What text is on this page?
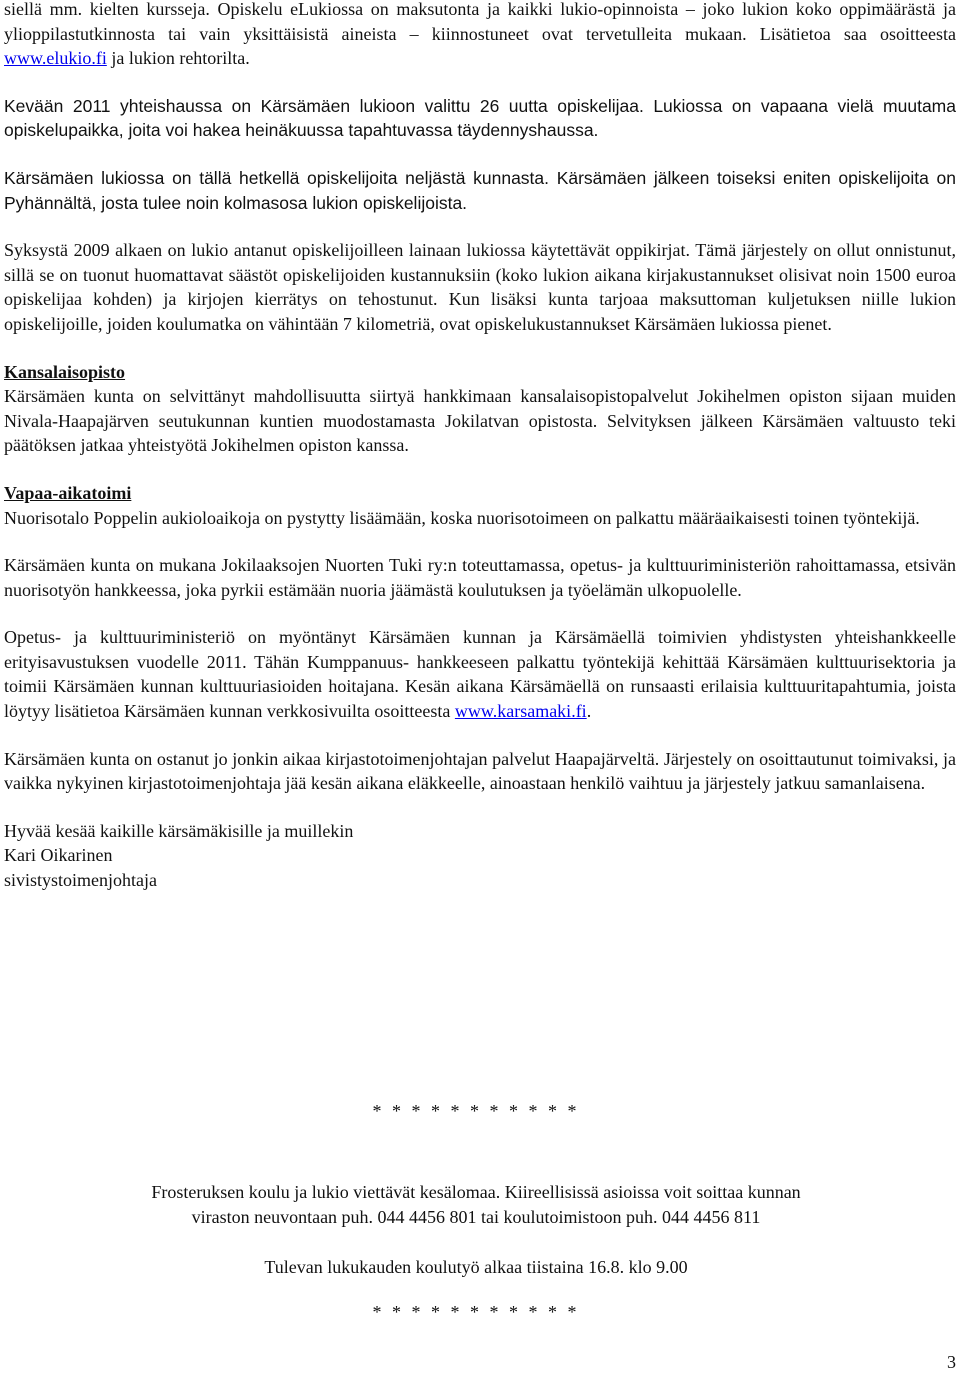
siellä mm. kielten kursseja. Opiskelu eLukiossa on maksutonta ja kaikki lukio-opinnoista – joko lukion koko oppimäärästä ja ylioppilastutkinnosta tai vain yksittäisistä aineista – kiinnostuneet ovat tervetulleita mukaan. Lisätietoa saa osoitteesta www.elukio.fi ja lukion rehtorilta.

Kevään 2011 yhteishaussa on Kärsämäen lukioon valittu 26 uutta opiskelijaa. Lukiossa on vapaana vielä muutama opiskelupaikka, joita voi hakea heinäkuussa tapahtuvassa täydennyshaussa.

Kärsämäen lukiossa on tällä hetkellä opiskelijoita neljästä kunnasta. Kärsämäen jälkeen toiseksi eniten opiskelijoita on Pyhännältä, josta tulee noin kolmasosa lukion opiskelijoista.

Syksystä 2009 alkaen on lukio antanut opiskelijoilleen lainaan lukiossa käytettävät oppikirjat. Tämä järjestely on ollut onnistunut, sillä se on tuonut huomattavat säästöt opiskelijoiden kustannuksiin (koko lukion aikana kirjakustannukset olisivat noin 1500 euroa opiskelijaa kohden) ja kirjojen kierrätys on tehostunut. Kun lisäksi kunta tarjoaa maksuttoman kuljetuksen niille lukion opiskelijoille, joiden koulumatka on vähintään 7 kilometriä, ovat opiskelukustannukset Kärsämäen lukiossa pienet.

Kansalaisopisto

Kärsämäen kunta on selvittänyt mahdollisuutta siirtyä hankkimaan kansalaisopistopalvelut Jokihelmen opiston sijaan muiden Nivala-Haapajärven seutukunnan kuntien muodostamasta Jokilatvan opistosta. Selvityksen jälkeen Kärsämäen valtuusto teki päätöksen jatkaa yhteistyötä Jokihelmen opiston kanssa.

Vapaa-aikatoimi

Nuorisotalo Poppelin aukioloaikoja on pystytty lisäämään, koska nuorisotoimeen on palkattu määräaikaisesti toinen työntekijä.

Kärsämäen kunta on mukana Jokilaaksojen Nuorten Tuki ry:n toteuttamassa, opetus- ja kulttuuriministeriön rahoittamassa, etsivän nuorisotyön hankkeessa, joka pyrkii estämään nuoria jäämästä koulutuksen ja työelämän ulkopuolelle.

Opetus- ja kulttuuriministeriö on myöntänyt Kärsämäen kunnan ja Kärsämäellä toimivien yhdistysten yhteishankkeelle erityisavustuksen vuodelle 2011. Tähän Kumppanuus- hankkeeseen palkattu työntekijä kehittää Kärsämäen kulttuurisektoria ja toimii Kärsämäen kunnan kulttuuriasioiden hoitajana. Kesän aikana Kärsämäellä on runsaasti erilaisia kulttuuritapahtumia, joista löytyy lisätietoa Kärsämäen kunnan verkkosivuilta osoitteesta www.karsamaki.fi.

Kärsämäen kunta on ostanut jo jonkin aikaa kirjastotoimenjohtajan palvelut Haapajärveltä. Järjestely on osoittautunut toimivaksi, ja vaikka nykyinen kirjastotoimenjohtaja jää kesän aikana eläkkeelle, ainoastaan henkilö vaihtuu ja järjestely jatkuu samanlaisena.

Hyvää kesää kaikille kärsämäkisille ja muillekin
Kari Oikarinen
sivistystoimenjohtaja
* * * * * * * * * * *
Frosteruksen koulu ja lukio viettävät kesälomaa. Kiireellisissä asioissa voit soittaa kunnan
viraston neuvontaan puh. 044 4456 801 tai koulutoimistoon puh. 044 4456 811
Tulevan lukukauden koulutyö alkaa tiistaina 16.8. klo 9.00
* * * * * * * * * * *
3
